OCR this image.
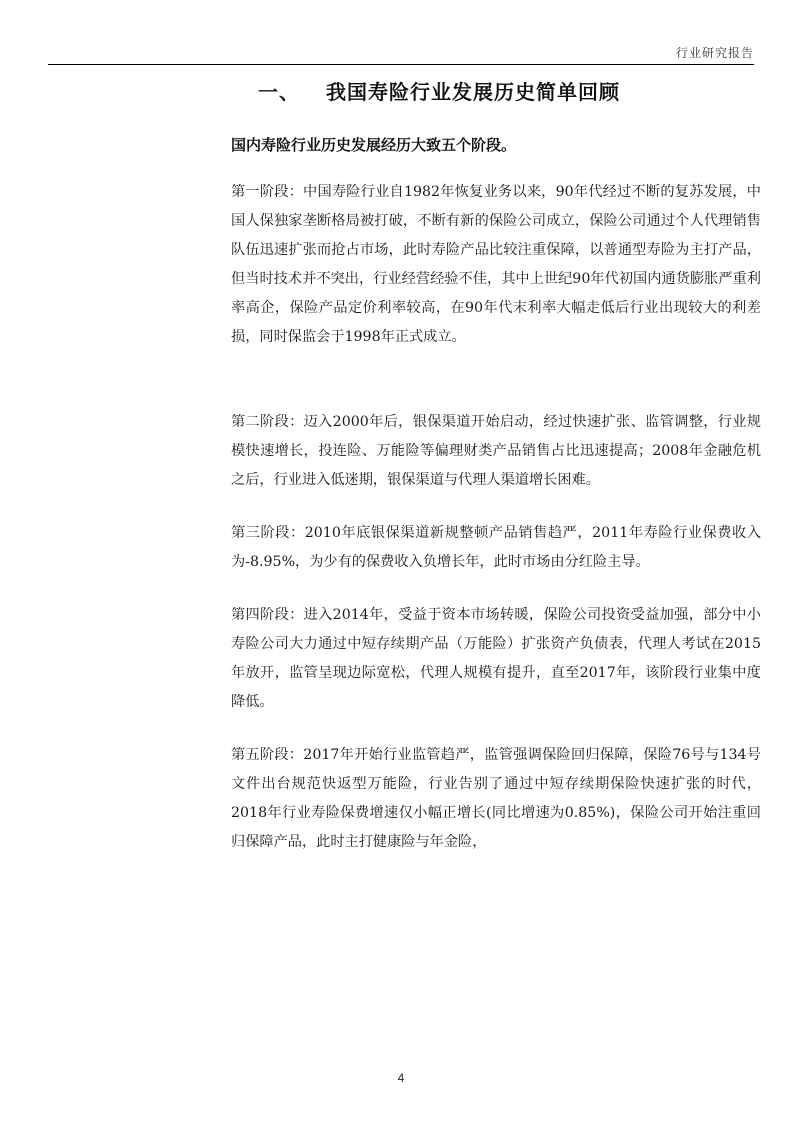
行业研究报告
一、 我国寿险行业发展历史简单回顾
国内寿险行业历史发展经历大致五个阶段。
第一阶段：中国寿险行业自1982年恢复业务以来，90年代经过不断的复苏发展，中国人保独家垄断格局被打破，不断有新的保险公司成立，保险公司通过个人代理销售队伍迅速扩张而抢占市场，此时寿险产品比较注重保障，以普通型寿险为主打产品，但当时技术并不突出，行业经营经验不佳，其中上世纪90年代初国内通货膨胀严重利率高企，保险产品定价利率较高，在90年代末利率大幅走低后行业出现较大的利差损，同时保监会于1998年正式成立。
第二阶段：迈入2000年后，银保渠道开始启动，经过快速扩张、监管调整，行业规模快速增长，投连险、万能险等偏理财类产品销售占比迅速提高；2008年金融危机之后，行业进入低迷期，银保渠道与代理人渠道增长困难。
第三阶段：2010年底银保渠道新规整顿产品销售趋严，2011年寿险行业保费收入为-8.95%，为少有的保费收入负增长年，此时市场由分红险主导。
第四阶段：进入2014年，受益于资本市场转暖，保险公司投资受益加强，部分中小寿险公司大力通过中短存续期产品（万能险）扩张资产负债表，代理人考试在2015年放开，监管呈现边际宽松，代理人规模有提升，直至2017年，该阶段行业集中度降低。
第五阶段：2017年开始行业监管趋严，监管强调保险回归保障，保险76号与134号文件出台规范快返型万能险，行业告别了通过中短存续期保险快速扩张的时代，2018年行业寿险保费增速仅小幅正增长(同比增速为0.85%)，保险公司开始注重回归保障产品，此时主打健康险与年金险，
4
